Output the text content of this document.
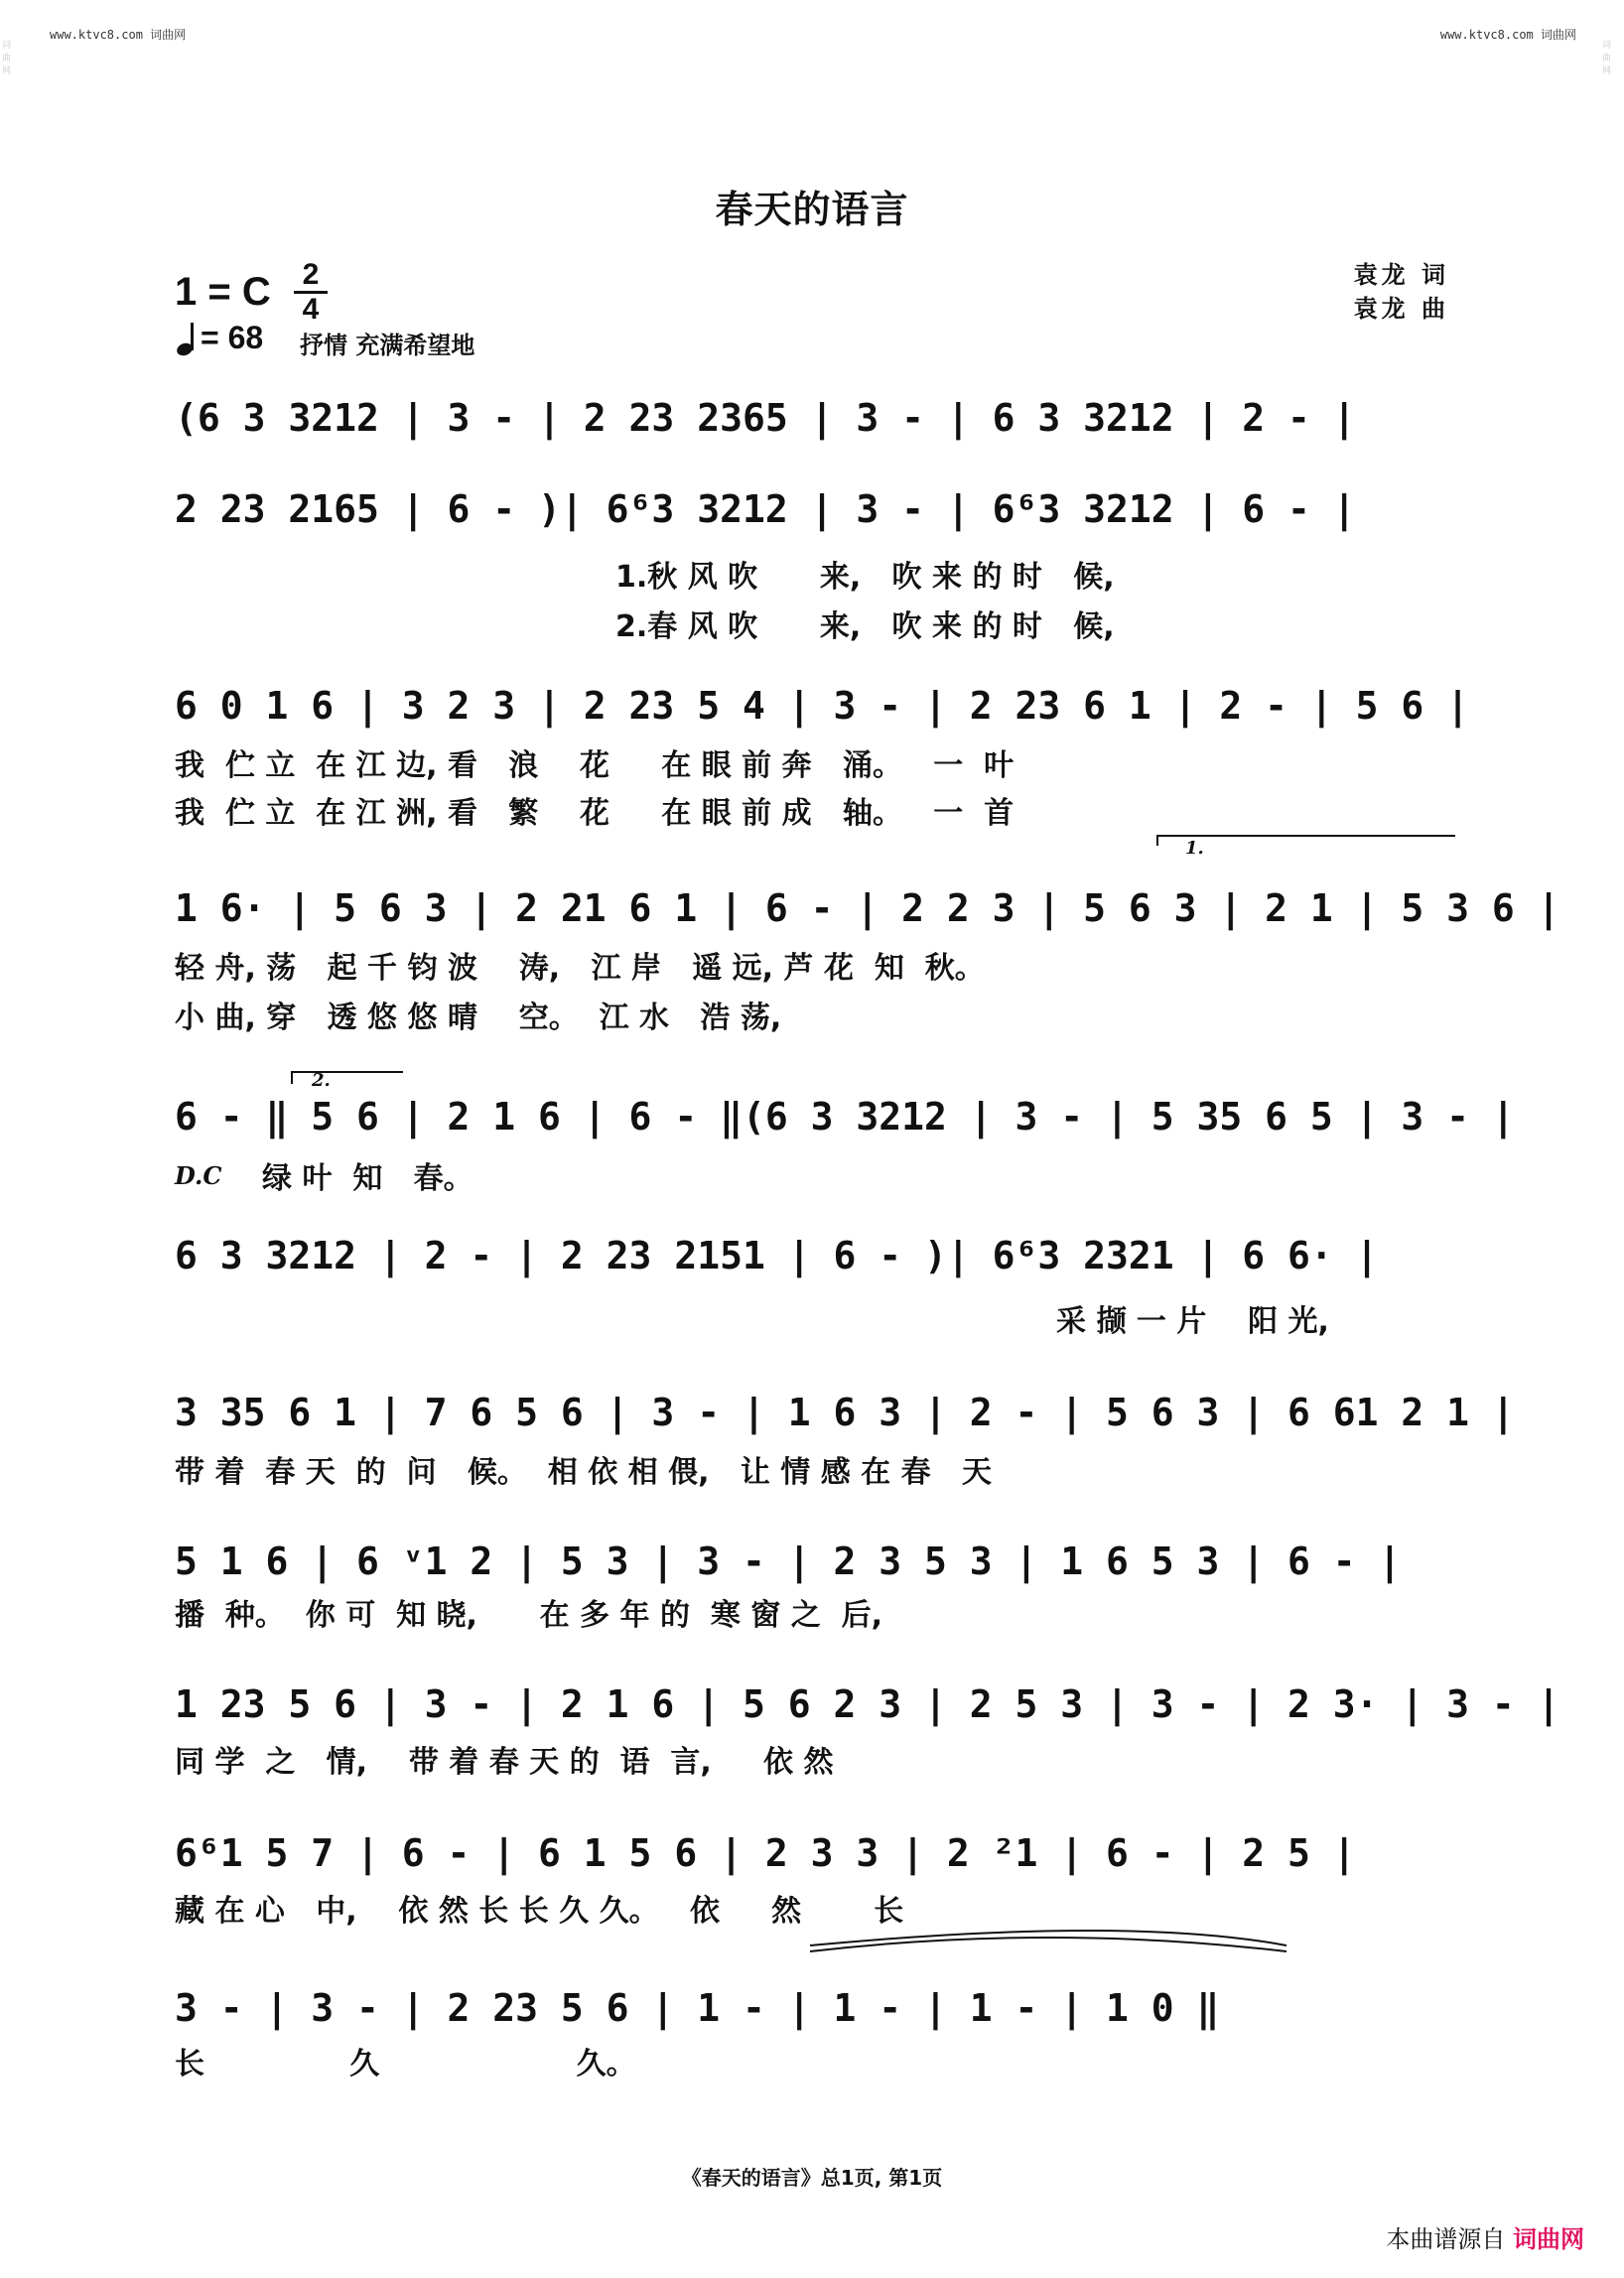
词
曲
网
词
曲
网
www.ktvc8.com 词曲网	www.ktvc8.com 词曲网
春天的语言
1 = C 2
4
= 68 抒情 充满希望地
袁龙 词
袁龙 曲
(6 3 3212 | 3 - | 2 23 2365 | 3 - | 6 3 3212 | 2 - |
2 23 2165 | 6 - )| 6⁶3 3212 | 3 - | 6⁶3 3212 | 6 - |
1.秋 风 吹      来,   吹 来 的 时   候,
2.春 风 吹      来,   吹 来 的 时   候,
6 0 1 6 | 3 2 3 | 2 23 5 4 | 3 - | 2 23 6 1 | 2 - | 5 6 |
我  伫 立  在 江 边, 看   浪    花     在 眼 前 奔   涌。   一  叶
我  伫 立  在 江 洲, 看   繁    花     在 眼 前 成   轴。   一  首
1.
1 6· | 5 6 3 | 2 21 6 1 | 6 - | 2 2 3 | 5 6 3 | 2 1 | 5 3 6 |
轻 舟, 荡   起 千 钧 波    涛,   江 岸   遥 远, 芦 花  知  秋。
小 曲, 穿   透 悠 悠 晴    空。  江 水   浩 荡,
2.
6 - ‖ 5 6 | 2 1 6 | 6 - ‖(6 3 3212 | 3 - | 5 35 6 5 | 3 - |
绿 叶  知   春。
D.C
6 3 3212 | 2 - | 2 23 2151 | 6 - )| 6⁶3 2321 | 6 6· |
采 撷 一 片    阳 光,
3 35 6 1 | 7 6 5 6 | 3 - | 1 6 3 | 2 - | 5 6 3 | 6 61 2 1 |
带 着  春 天  的  问   候。  相 依 相 偎,   让 情 感 在 春   天
5 1 6 | 6 ᵛ1 2 | 5 3 | 3 - | 2 3 5 3 | 1 6 5 3 | 6 - |
播  种。  你 可  知 晓,      在 多 年 的  寒 窗 之  后,
1 23 5 6 | 3 - | 2 1 6 | 5 6 2 3 | 2 5 3 | 3 - | 2 3· | 3 - |
同 学  之   情,    带 着 春 天 的  语  言,     依 然
6⁶1 5 7 | 6 - | 6 1 5 6 | 2 3 3 | 2 ²1 | 6 - | 2 5 |
藏 在 心   中,    依 然 长 长 久 久。   依     然       长
3 - | 3 - | 2 23 5 6 | 1 - | 1 - | 1 - | 1 0 ‖
长              久                   久。
《春天的语言》总1页, 第1页
本曲谱源自 词曲网
